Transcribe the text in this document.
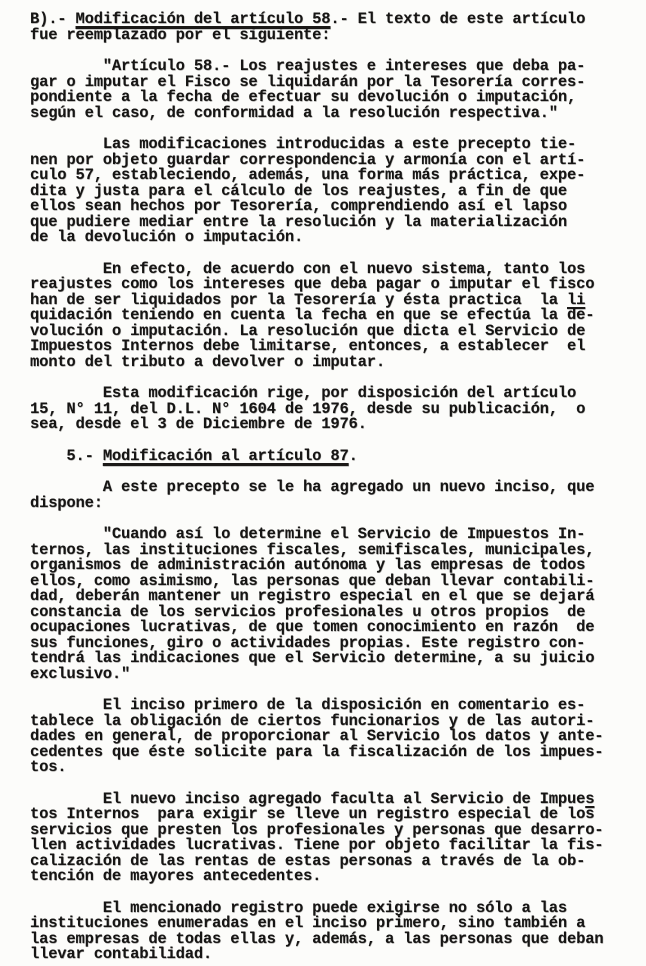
B).- Modificación del artículo 58.- El texto de este artículo
fue reemplazado por el siguiente:
"Artículo 58.- Los reajustes e intereses que deba pa-
gar o imputar el Fisco se liquidarán por la Tesorería corres-
pondiente a la fecha de efectuar su devolución o imputación,
según el caso, de conformidad a la resolución respectiva."
Las modificaciones introducidas a este precepto tie-
nen por objeto guardar correspondencia y armonía con el artí-
culo 57, estableciendo, además, una forma más práctica, expe-
dita y justa para el cálculo de los reajustes, a fin de que
ellos sean hechos por Tesorería, comprendiendo así el lapso
que pudiere mediar entre la resolución y la materialización
de la devolución o imputación.
En efecto, de acuerdo con el nuevo sistema, tanto los
reajustes como los intereses que deba pagar o imputar el fisco
han de ser liquidados por la Tesorería y ésta practica  la li
quidación teniendo en cuenta la fecha en que se efectúa la de-
volución o imputación. La resolución que dicta el Servicio de
Impuestos Internos debe limitarse, entonces, a establecer  el
monto del tributo a devolver o imputar.
Esta modificación rige, por disposición del artículo
15, N° 11, del D.L. N° 1604 de 1976, desde su publicación,  o
sea, desde el 3 de Diciembre de 1976.
5.- Modificación al artículo 87.
A este precepto se le ha agregado un nuevo inciso, que
dispone:
"Cuando así lo determine el Servicio de Impuestos In-
ternos, las instituciones fiscales, semifiscales, municipales,
organismos de administración autónoma y las empresas de todos
ellos, como asimismo, las personas que deban llevar contabili-
dad, deberán mantener un registro especial en el que se dejará
constancia de los servicios profesionales u otros propios  de
ocupaciones lucrativas, de que tomen conocimiento en razón  de
sus funciones, giro o actividades propias. Este registro con-
tendrá las indicaciones que el Servicio determine, a su juicio
exclusivo."
El inciso primero de la disposición en comentario es-
tablece la obligación de ciertos funcionarios y de las autori-
dades en general, de proporcionar al Servicio los datos y ante-
cedentes que éste solicite para la fiscalización de los impues-
tos.
El nuevo inciso agregado faculta al Servicio de Impues
tos Internos  para exigir se lleve un registro especial de los
servicios que presten los profesionales y personas que desarro-
llen actividades lucrativas. Tiene por objeto facilitar la fis-
calización de las rentas de estas personas a través de la ob-
tención de mayores antecedentes.
El mencionado registro puede exigirse no sólo a las
instituciones enumeradas en el inciso primero, sino también a
las empresas de todas ellas y, además, a las personas que deban
llevar contabilidad.
